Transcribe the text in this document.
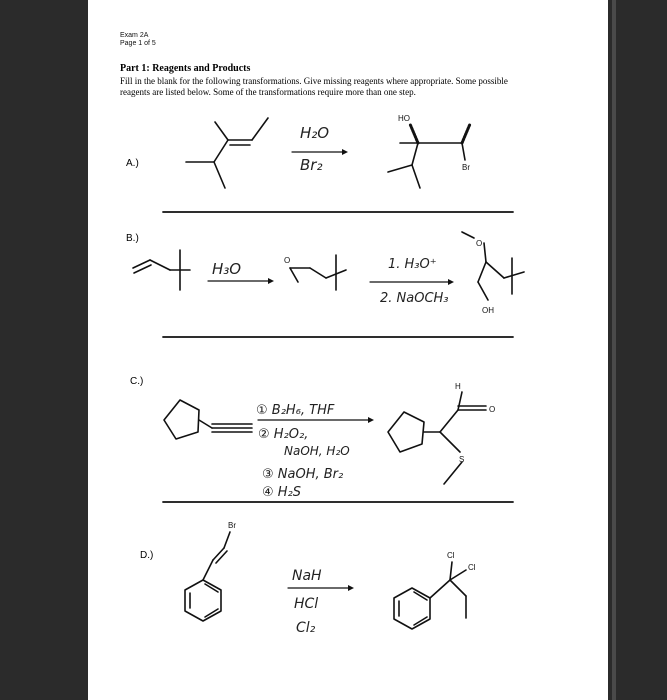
Exam 2A
Page 1 of 5
Part 1: Reagents and Products
Fill in the blank for the following transformations. Give missing reagents where appropriate. Some possible reagents are listed below. Some of the transformations require more than one step.
A.)
B.)
C.)
D.)
H₂O
Br₂
HO
Br
H₃O	O	1. H₃O⁺
2. NaOCH₃
O
OH
① B₂H₆, THF
② H₂O₂,
NaOH, H₂O
③ NaOH, Br₂
④ H₂S
H
O
S
Br
NaH
HCl
Cl₂
Cl
Cl
